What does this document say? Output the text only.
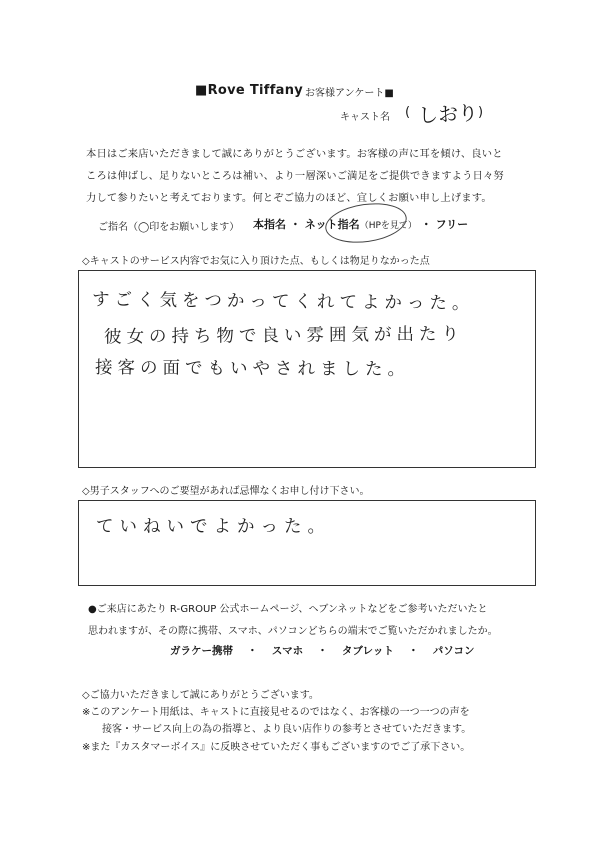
■Rove Tiffany お客様アンケート■
キャスト名 ( しおり )
本日はご来店いただきまして誠にありがとうございます。お客様の声に耳を傾け、良いと
ころは伸ばし、足りないところは補い、より一層深いご満足をご提供できますよう日々努
力して参りたいと考えております。何とぞご協力のほど、宜しくお願い申し上げます。
ご指名（◯印をお願いします） 本指名 ・ ネット指名（HPを見て） ・ フリー
◇キャストのサービス内容でお気に入り頂けた点、もしくは物足りなかった点
すごく気をつかってくれてよかった。
彼女の持ち物で良い雰囲気が出たり
接客の面でもいやされました。
◇男子スタッフへのご要望があれば忌憚なくお申し付け下さい。
ていねいでよかった。
●ご来店にあたり R-GROUP 公式ホームページ、ヘブンネットなどをご参考いただいたと
思われますが、その際に携帯、スマホ、パソコンどちらの端末でご覧いただかれましたか。
ガラケー携帯 　 ・　 スマホ 　 ・　 タブレット 　 ・　 パソコン
◇ご協力いただきまして誠にありがとうございます。
※このアンケート用紙は、キャストに直接見せるのではなく、お客様の一つ一つの声を
接客・サービス向上の為の指導と、より良い店作りの参考とさせていただきます。
※また『カスタマーボイス』に反映させていただく事もございますのでご了承下さい。
